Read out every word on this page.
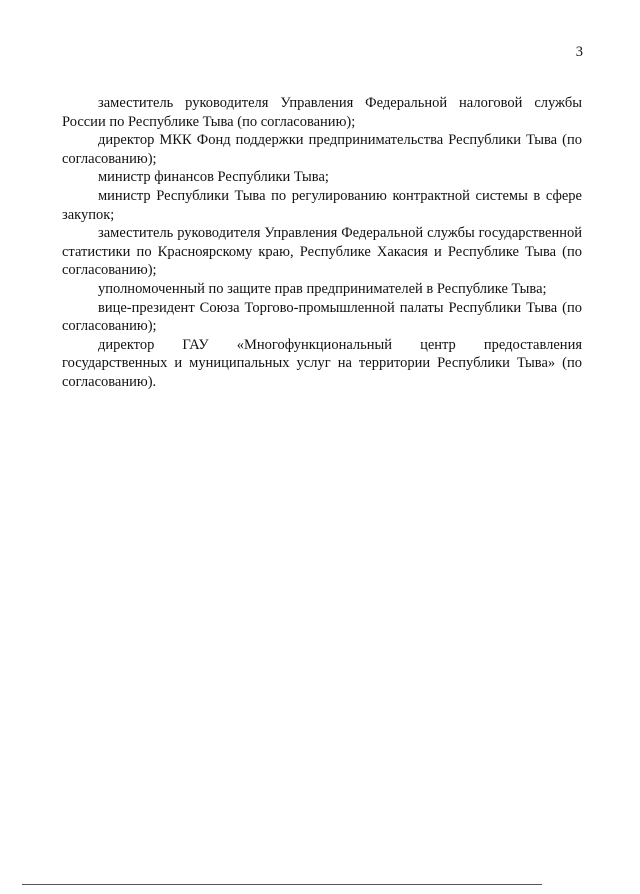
3

заместитель руководителя Управления Федеральной налоговой службы России по Республике Тыва (по согласованию);

директор МКК Фонд поддержки предпринимательства Республики Тыва (по согласованию);

министр финансов Республики Тыва;

министр Республики Тыва по регулированию контрактной системы в сфере закупок;

заместитель руководителя Управления Федеральной службы государственной статистики по Красноярскому краю, Республике Хакасия и Республике Тыва (по согласованию);

уполномоченный по защите прав предпринимателей в Республике Тыва;

вице-президент Союза Торгово-промышленной палаты Республики Тыва (по согласованию);

директор ГАУ «Многофункциональный центр предоставления государственных и муниципальных услуг на территории Республики Тыва» (по согласованию).
